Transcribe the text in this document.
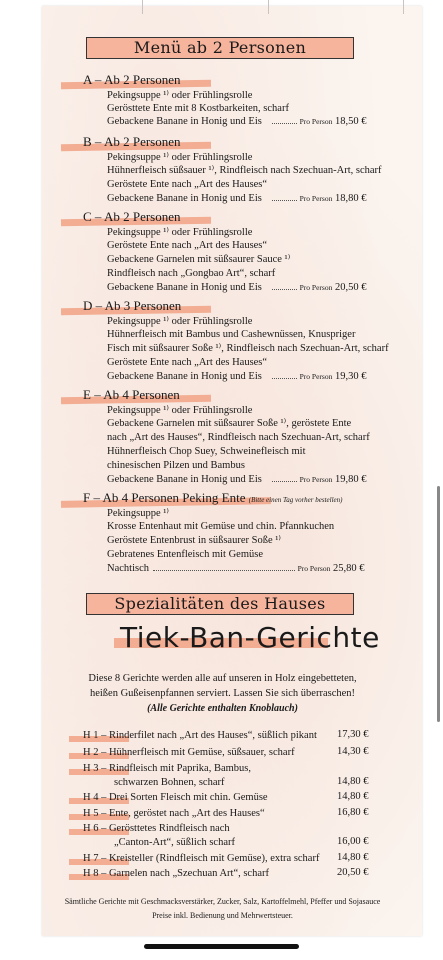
Menü ab 2 Personen
A – Ab 2 Personen
Pekingsuppe ¹⁾ oder Frühlingsrolle
Gerösttete Ente mit 8 Kostbarkeiten, scharf
Gebackene Banane in Honig und Eis	Pro Person 18,50 €
B – Ab 2 Personen
Pekingsuppe ¹⁾ oder Frühlingsrolle
Hühnerfleisch süßsauer ¹⁾, Rindfleisch nach Szechuan-Art, scharf
Geröstete Ente nach „Art des Hauses“
Gebackene Banane in Honig und Eis	Pro Person 18,80 €
C – Ab 2 Personen
Pekingsuppe ¹⁾ oder Frühlingsrolle
Geröstete Ente nach „Art des Hauses“
Gebackene Garnelen mit süßsaurer Sauce ¹⁾
Rindfleisch nach „Gongbao Art“, scharf
Gebackene Banane in Honig und Eis	Pro Person 20,50 €
D – Ab 3 Personen
Pekingsuppe ¹⁾ oder Frühlingsrolle
Hühnerfleisch mit Bambus und Cashewnüssen, Knuspriger
Fisch mit süßsaurer Soße ¹⁾, Rindfleisch nach Szechuan-Art, scharf
Geröstete Ente nach „Art des Hauses“
Gebackene Banane in Honig und Eis	Pro Person 19,30 €
E – Ab 4 Personen
Pekingsuppe ¹⁾ oder Frühlingsrolle
Gebackene Garnelen mit süßsaurer Soße ¹⁾, geröstete Ente
nach „Art des Hauses“, Rindfleisch nach Szechuan-Art, scharf
Hühnerfleisch Chop Suey, Schweinefleisch mit
chinesischen Pilzen und Bambus
Gebackene Banane in Honig und Eis	Pro Person 19,80 €
F – Ab 4 Personen Peking Ente (Bitte einen Tag vorher bestellen)
Pekingsuppe ¹⁾
Krosse Entenhaut mit Gemüse und chin. Pfannkuchen
Geröstete Entenbrust in süßsaurer Soße ¹⁾
Gebratenes Entenfleisch mit Gemüse
Nachtisch	Pro Person 25,80 €
Spezialitäten des Hauses
Tiek-Ban-Gerichte
Diese 8 Gerichte werden alle auf unseren in Holz eingebetteten,
heißen Gußeisenpfannen serviert. Lassen Sie sich überraschen!
(Alle Gerichte enthalten Knoblauch)
H 1 – Rinderfilet nach „Art des Hauses“, süßlich pikant 17,30 €
H 2 – Hühnerfleisch mit Gemüse, süßsauer, scharf	14,30 €
H 3 – Rindfleisch mit Paprika, Bambus,
schwarzen Bohnen, scharf	14,80 €
H 4 – Drei Sorten Fleisch mit chin. Gemüse	14,80 €
H 5 – Ente, geröstet nach „Art des Hauses“	16,80 €
H 6 – Gerösttetes Rindfleisch nach
„Canton-Art“, süßlich scharf	16,00 €
H 7 – Kreisteller (Rindfleisch mit Gemüse), extra scharf 14,80 €
H 8 – Garnelen nach „Szechuan Art“, scharf	20,50 €
Sämtliche Gerichte mit Geschmacksverstärker, Zucker, Salz, Kartoffelmehl, Pfeffer und Sojasauce
Preise inkl. Bedienung und Mehrwertsteuer.
